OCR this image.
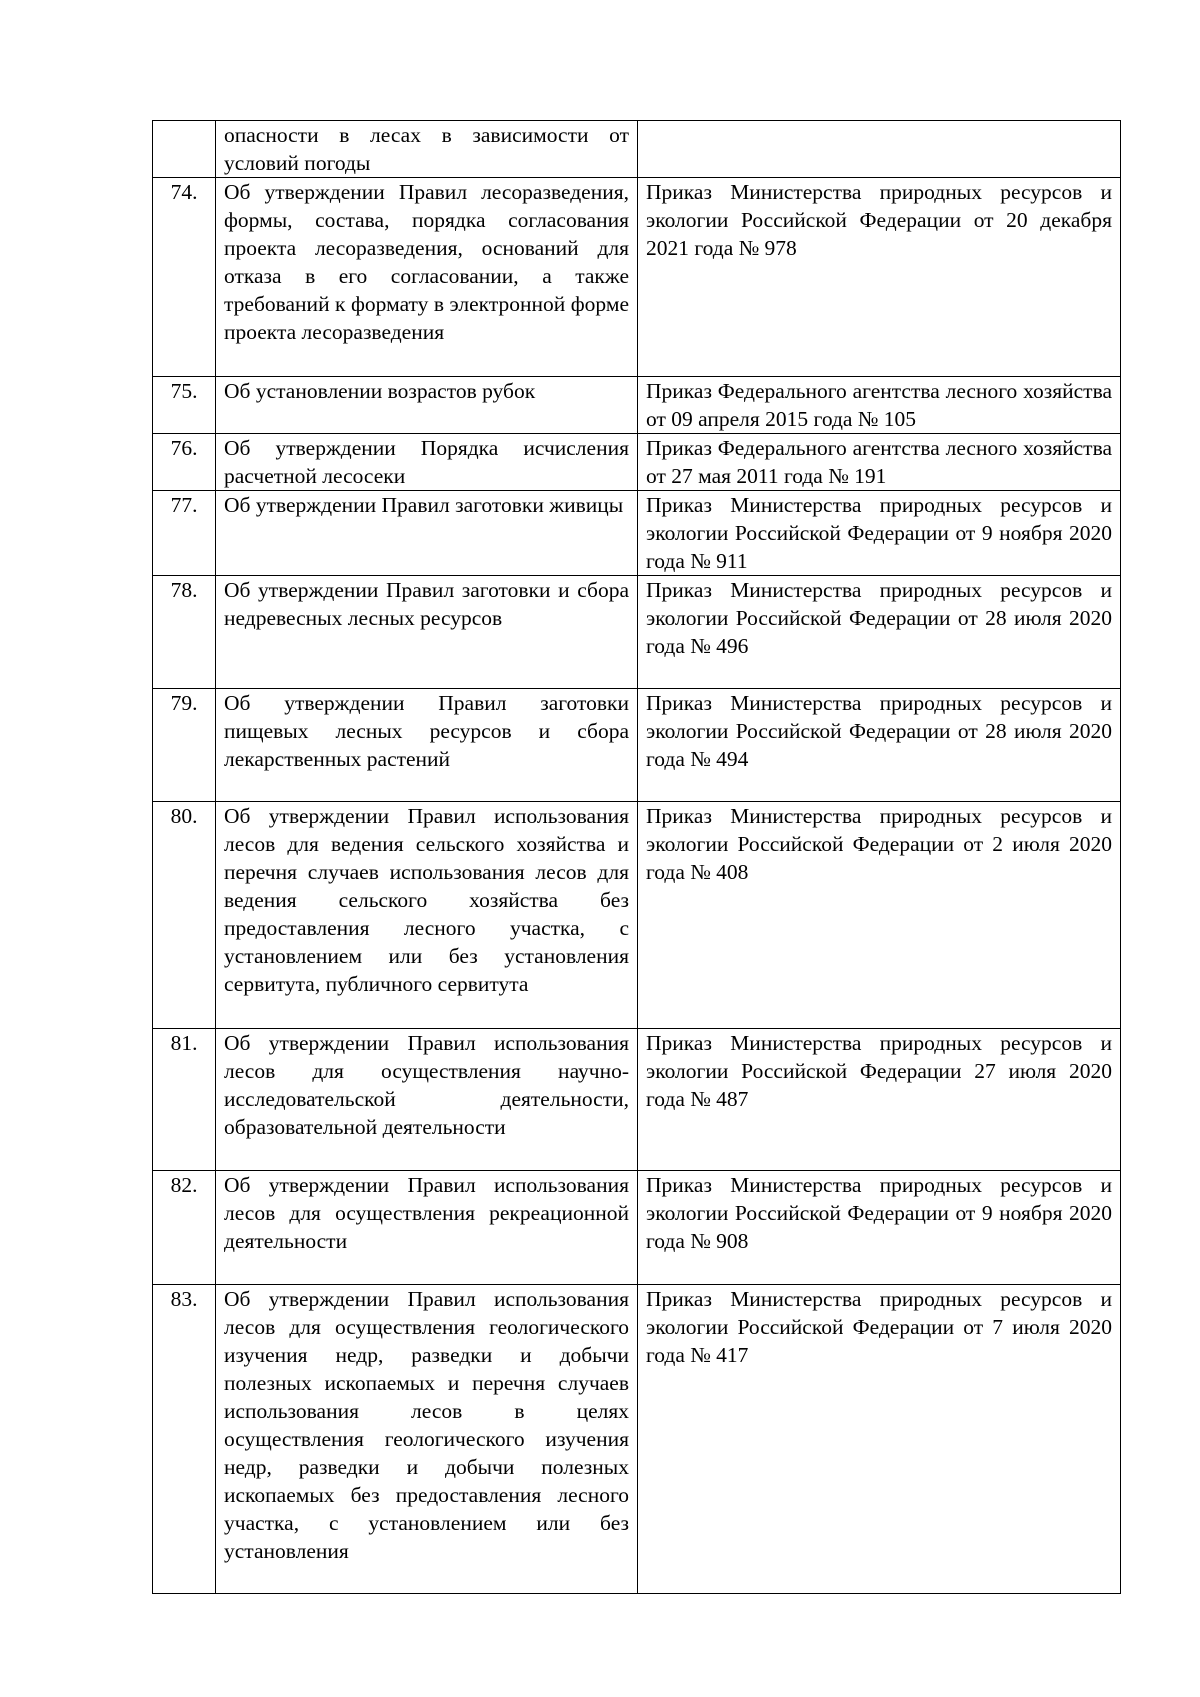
	опасности в лесах в зависимости от условий погоды	
74.	Об утверждении Правил лесоразведения, формы, состава, порядка согласования проекта лесоразведения, оснований для отказа в его согласовании, а также требований к формату в электронной форме проекта лесоразведения	Приказ Министерства природных ресурсов и экологии Российской Федерации от 20 декабря 2021 года № 978
75.	Об установлении возрастов рубок	Приказ Федерального агентства лесного хозяйства от 09 апреля 2015 года № 105
76.	Об утверждении Порядка исчисления расчетной лесосеки	Приказ Федерального агентства лесного хозяйства от 27 мая 2011 года № 191
77.	Об утверждении Правил заготовки живицы	Приказ Министерства природных ресурсов и экологии Российской Федерации от 9 ноября 2020 года № 911
78.	Об утверждении Правил заготовки и сбора недревесных лесных ресурсов	Приказ Министерства природных ресурсов и экологии Российской Федерации от 28 июля 2020 года № 496
79.	Об утверждении Правил заготовки пищевых лесных ресурсов и сбора лекарственных растений	Приказ Министерства природных ресурсов и экологии Российской Федерации от 28 июля 2020 года № 494
80.	Об утверждении Правил использования лесов для ведения сельского хозяйства и перечня случаев использования лесов для ведения сельского хозяйства без предоставления лесного участка, с установлением или без установления сервитута, публичного сервитута	Приказ Министерства природных ресурсов и экологии Российской Федерации от 2 июля 2020 года № 408
81.	Об утверждении Правил использования лесов для осуществления научно-исследовательской деятельности, образовательной деятельности	Приказ Министерства природных ресурсов и экологии Российской Федерации 27 июля 2020 года № 487
82.	Об утверждении Правил использования лесов для осуществления рекреационной деятельности	Приказ Министерства природных ресурсов и экологии Российской Федерации от 9 ноября 2020 года № 908
83.	Об утверждении Правил использования лесов для осуществления геологического изучения недр, разведки и добычи полезных ископаемых и перечня случаев использования лесов в целях осуществления геологического изучения недр, разведки и добычи полезных ископаемых без предоставления лесного участка, с установлением или без установления	Приказ Министерства природных ресурсов и экологии Российской Федерации от 7 июля 2020 года № 417
